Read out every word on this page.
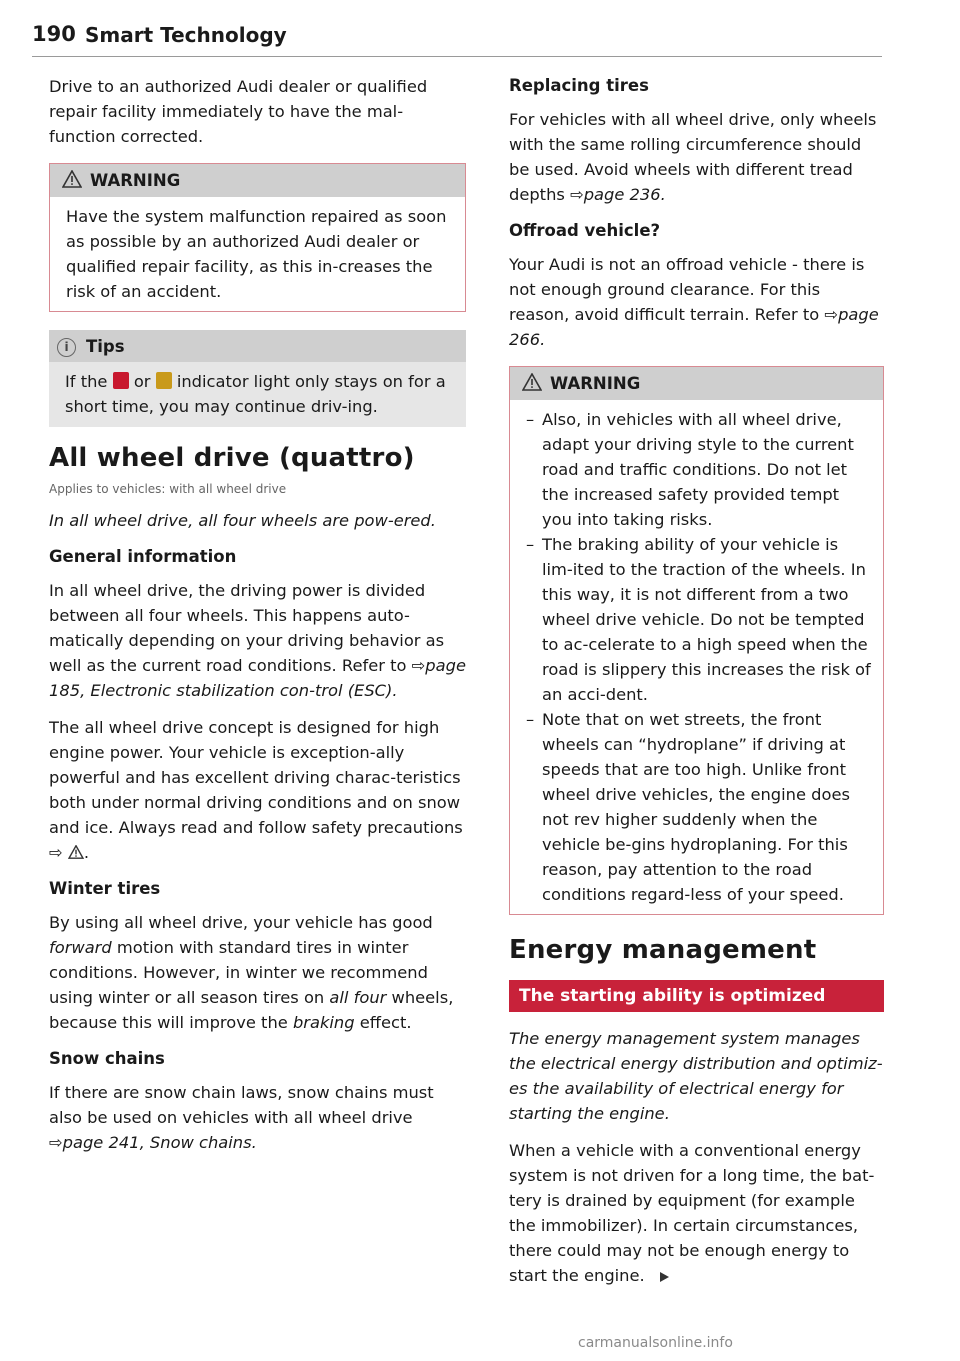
190 Smart Technology

Drive to an authorized Audi dealer or qualified repair facility immediately to have the mal-function corrected.

WARNING
Have the system malfunction repaired as soon as possible by an authorized Audi dealer or qualified repair facility, as this in-creases the risk of an accident.
i	Tips
If the or indicator light only stays on for a short time, you may continue driv-ing.
All wheel drive (quattro)
Applies to vehicles: with all wheel drive

In all wheel drive, all four wheels are pow-ered.

General information

In all wheel drive, the driving power is divided between all four wheels. This happens auto-matically depending on your driving behavior as well as the current road conditions. Refer to ⇨page 185, Electronic stabilization con-trol (ESC).

The all wheel drive concept is designed for high engine power. Your vehicle is exception-ally powerful and has excellent driving charac-teristics both under normal driving conditions and on snow and ice. Always read and follow safety precautions ⇨ .

Winter tires

By using all wheel drive, your vehicle has good forward motion with standard tires in winter conditions. However, in winter we recommend using winter or all season tires on all four wheels, because this will improve the braking effect.

Snow chains

If there are snow chain laws, snow chains must also be used on vehicles with all wheel drive ⇨page 241, Snow chains.

Replacing tires

For vehicles with all wheel drive, only wheels with the same rolling circumference should be used. Avoid wheels with different tread depths ⇨page 236.

Offroad vehicle?

Your Audi is not an offroad vehicle - there is not enough ground clearance. For this reason, avoid difficult terrain. Refer to ⇨page 266.

WARNING
– Also, in vehicles with all wheel drive, adapt your driving style to the current road and traffic conditions. Do not let the increased safety provided tempt you into taking risks.
– The braking ability of your vehicle is lim-ited to the traction of the wheels. In this way, it is not different from a two wheel drive vehicle. Do not be tempted to ac-celerate to a high speed when the road is slippery this increases the risk of an acci-dent.
– Note that on wet streets, the front wheels can “hydroplane” if driving at speeds that are too high. Unlike front wheel drive vehicles, the engine does not rev higher suddenly when the vehicle be-gins hydroplaning. For this reason, pay attention to the road conditions regard-less of your speed.
Energy management
The starting ability is optimized

The energy management system manages the electrical energy distribution and optimiz-es the availability of electrical energy for starting the engine.

When a vehicle with a conventional energy system is not driven for a long time, the bat-tery is drained by equipment (for example the immobilizer). In certain circumstances, there could may not be enough energy to start the engine.

carmanualsonline.info
